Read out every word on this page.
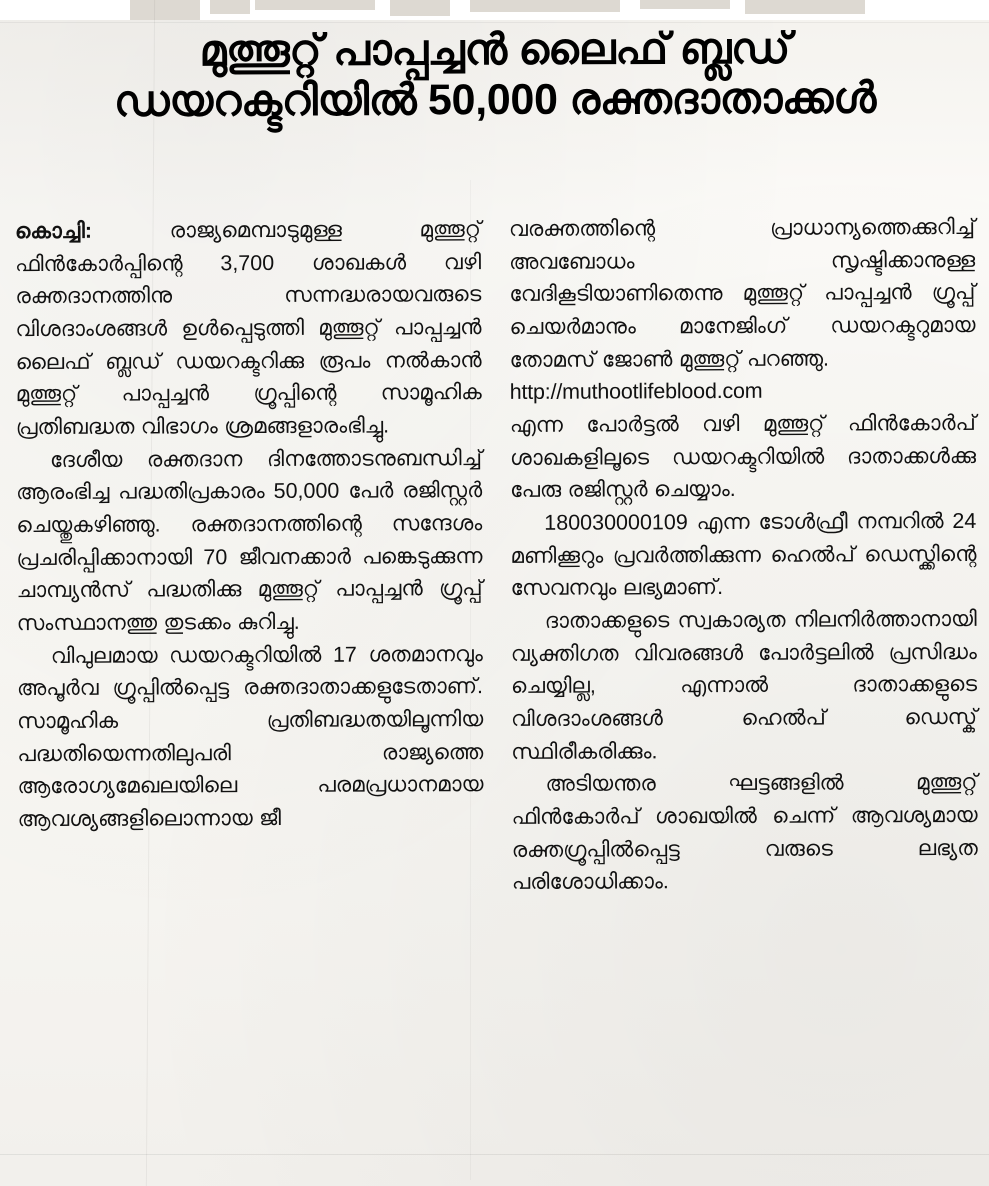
മുത്തൂറ്റ് പാപ്പച്ചൻ ലൈഫ് ബ്ലഡ്
ഡയറക്ടറിയിൽ 50,000 രക്തദാതാക്കൾ

കൊച്ചി:	രാജ്യമെമ്പാടുമുള്ള മുത്തൂറ്റ് ഫിൻകോർപ്പിന്റെ 3,700 ശാഖകൾ വഴി രക്തദാനത്തിനു സന്നദ്ധരായവരുടെ വിശദാംശങ്ങൾ ഉൾപ്പെടുത്തി മുത്തൂറ്റ് പാപ്പച്ചൻ ലൈഫ് ബ്ലഡ് ഡയറക്ടറിക്കു രൂപം നൽകാൻ മുത്തൂറ്റ് പാപ്പച്ചൻ ഗ്രൂപ്പിന്റെ സാമൂഹിക പ്രതിബദ്ധത വിഭാഗം ശ്രമങ്ങളാരംഭിച്ചു.

ദേശീയ രക്തദാന ദിനത്തോടനുബന്ധിച്ച് ആരംഭിച്ച പദ്ധതിപ്രകാരം 50,000 പേർ രജിസ്റ്റർ ചെയ്തുകഴിഞ്ഞു. രക്തദാനത്തിന്റെ സന്ദേശം പ്രചരിപ്പിക്കാനായി 70 ജീവനക്കാർ പങ്കെടുക്കുന്ന ചാമ്പ്യൻസ് പദ്ധതിക്കു മുത്തൂറ്റ് പാപ്പച്ചൻ ഗ്രൂപ്പ് സംസ്ഥാനത്തു തുടക്കം കുറിച്ചു.

വിപുലമായ ഡയറക്ടറിയിൽ 17 ശതമാനവും അപൂർവ ഗ്രൂപ്പിൽപ്പെട്ട രക്തദാതാക്കളുടേതാണ്. സാമൂഹിക പ്രതിബദ്ധതയിലൂന്നിയ പദ്ധതിയെന്നതിലുപരി രാജ്യത്തെ ആരോഗ്യമേഖലയിലെ പരമപ്രധാനമായ ആവശ്യങ്ങളിലൊന്നായ ജീ

വരക്തത്തിന്റെ പ്രാധാന്യത്തെക്കുറിച്ച് അവബോധം സൃഷ്ടിക്കാനുള്ള വേദികൂടിയാണിതെന്നു മുത്തൂറ്റ് പാപ്പച്ചൻ ഗ്രൂപ്പ് ചെയർമാനും മാനേജിംഗ് ഡയറക്ടറുമായ തോമസ് ജോൺ മുത്തൂറ്റ് പറഞ്ഞു.

http://muthootlifeblood.com

എന്ന പോർട്ടൽ വഴി മുത്തൂറ്റ് ഫിൻകോർപ് ശാഖകളിലൂടെ ഡയറക്ടറിയിൽ ദാതാക്കൾക്കു പേരു രജിസ്റ്റർ ചെയ്യാം.

180030000109 എന്ന ടോൾഫ്രീ നമ്പറിൽ 24 മണിക്കൂറും പ്രവർത്തിക്കുന്ന ഹെൽപ് ഡെസ്ക്കിന്റെ സേവനവും ലഭ്യമാണ്.

ദാതാക്കളുടെ സ്വകാര്യത നിലനിർത്താനായി വ്യക്തിഗത വിവരങ്ങൾ പോർട്ടലിൽ പ്രസിദ്ധം ചെയ്യില്ല, എന്നാൽ ദാതാക്കളുടെ വിശദാംശങ്ങൾ ഹെൽപ് ഡെസ്ക് സ്ഥിരീകരിക്കും.

അടിയന്തര ഘട്ടങ്ങളിൽ മുത്തൂറ്റ് ഫിൻകോർപ് ശാഖയിൽ ചെന്ന് ആവശ്യമായ രക്തഗ്രൂപ്പിൽപ്പെട്ട വരുടെ ലഭ്യത പരിശോധിക്കാം.
